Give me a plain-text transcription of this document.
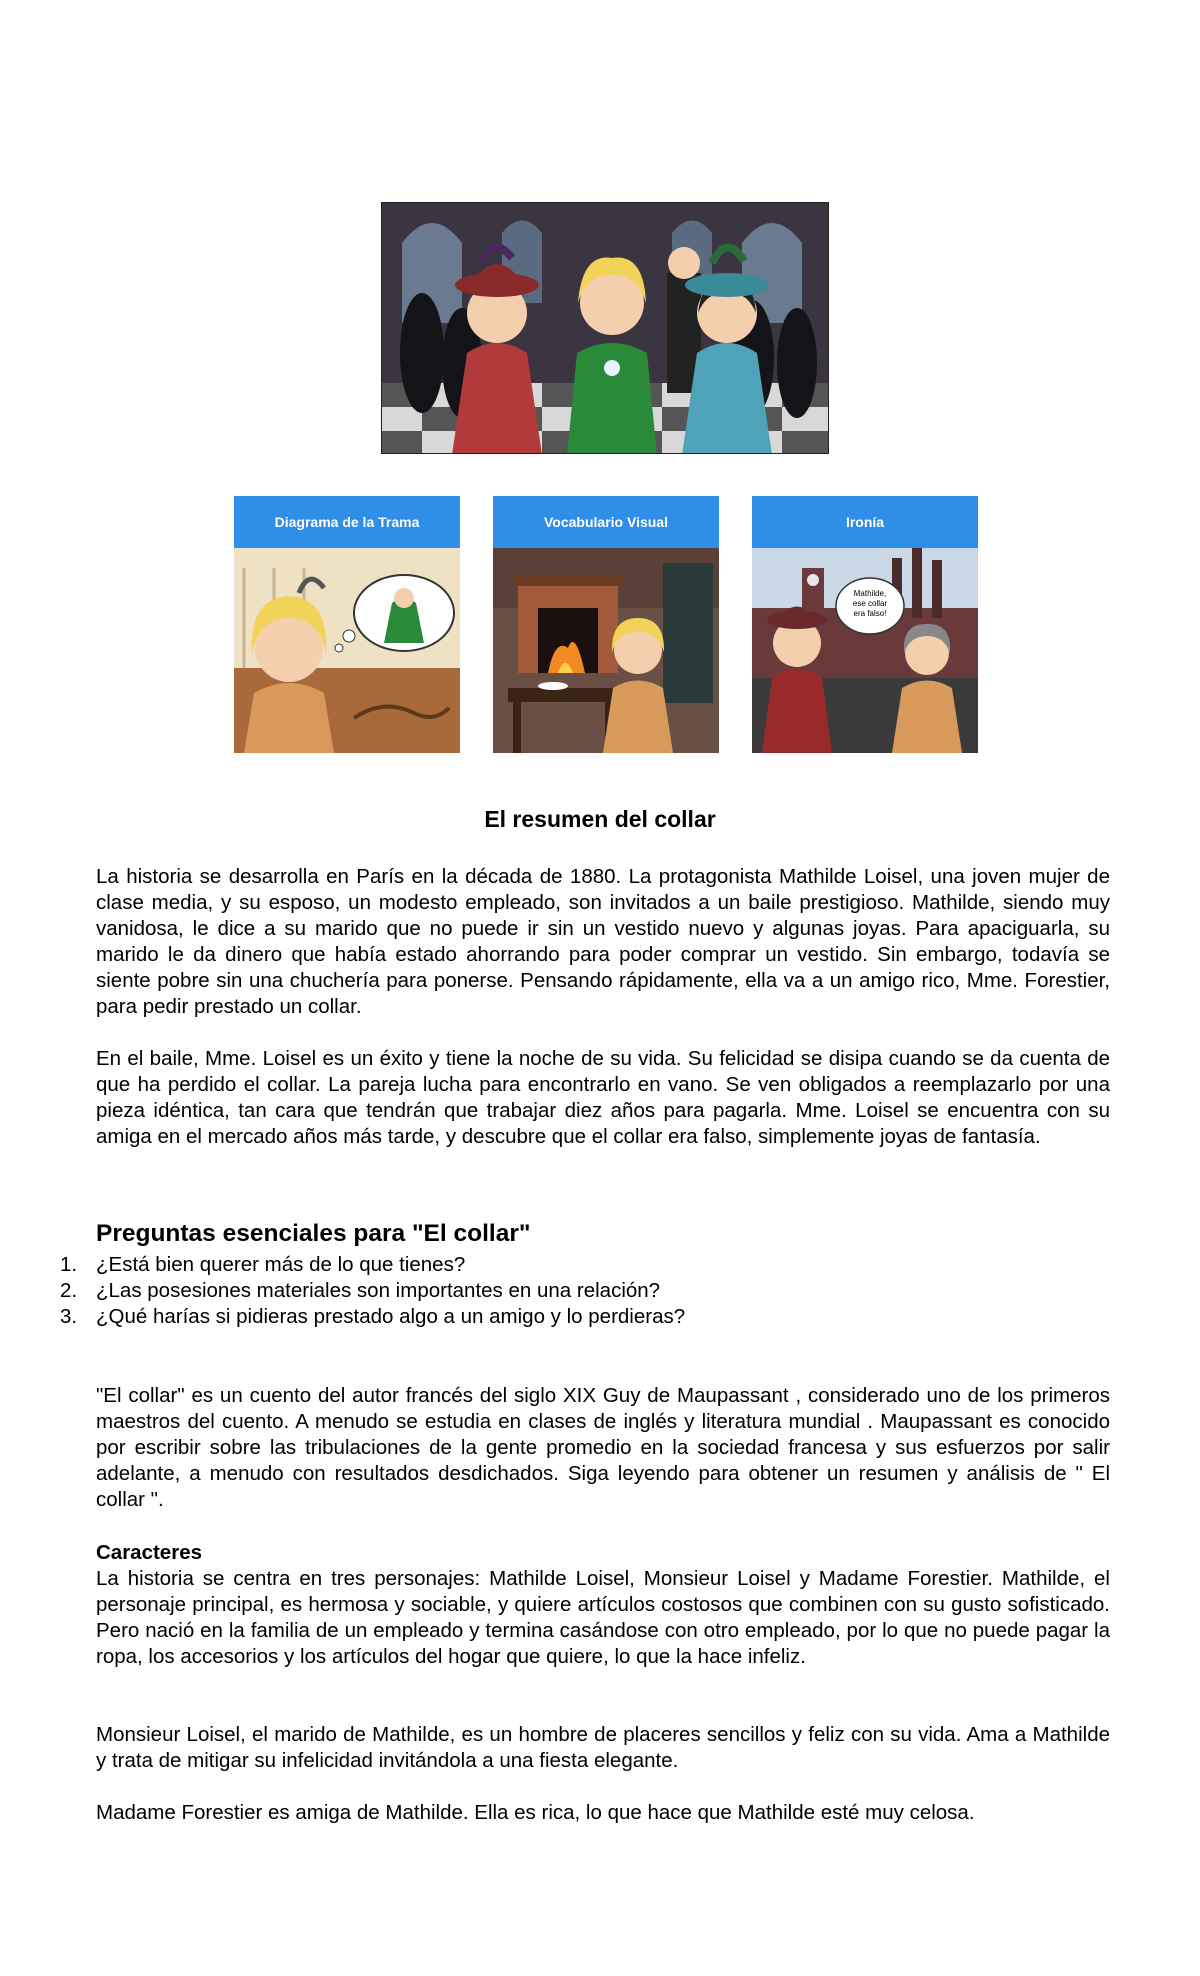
Diagrama de la Trama	Vocabulario Visual	Ironía
Mathilde,
ese collar
era falso!
El resumen del collar

La historia se desarrolla en París en la década de 1880. La protagonista Mathilde Loisel, una joven mujer de clase media, y su esposo, un modesto empleado, son invitados a un baile prestigioso. Mathilde, siendo muy vanidosa, le dice a su marido que no puede ir sin un vestido nuevo y algunas joyas. Para apaciguarla, su marido le da dinero que había estado ahorrando para poder comprar un vestido. Sin embargo, todavía se siente pobre sin una chuchería para ponerse. Pensando rápidamente, ella va a un amigo rico, Mme. Forestier, para pedir prestado un collar.

En el baile, Mme. Loisel es un éxito y tiene la noche de su vida. Su felicidad se disipa cuando se da cuenta de que ha perdido el collar. La pareja lucha para encontrarlo en vano. Se ven obligados a reemplazarlo por una pieza idéntica, tan cara que tendrán que trabajar diez años para pagarla. Mme. Loisel se encuentra con su amiga en el mercado años más tarde, y descubre que el collar era falso, simplemente joyas de fantasía.

Preguntas esenciales para "El collar"
1. ¿Está bien querer más de lo que tienes?
2. ¿Las posesiones materiales son importantes en una relación?
3. ¿Qué harías si pidieras prestado algo a un amigo y lo perdieras?

"El collar" es un cuento del autor francés del siglo XIX Guy de Maupassant , considerado uno de los primeros maestros del cuento. A menudo se estudia en clases de inglés y literatura mundial . Maupassant es conocido por escribir sobre las tribulaciones de la gente promedio en la sociedad francesa y sus esfuerzos por salir adelante, a menudo con resultados desdichados. Siga leyendo para obtener un resumen y análisis de " El collar ".

Caracteres

La historia se centra en tres personajes: Mathilde Loisel, Monsieur Loisel y Madame Forestier. Mathilde, el personaje principal, es hermosa y sociable, y quiere artículos costosos que combinen con su gusto sofisticado. Pero nació en la familia de un empleado y termina casándose con otro empleado, por lo que no puede pagar la ropa, los accesorios y los artículos del hogar que quiere, lo que la hace infeliz.

Monsieur Loisel, el marido de Mathilde, es un hombre de placeres sencillos y feliz con su vida. Ama a Mathilde y trata de mitigar su infelicidad invitándola a una fiesta elegante.

Madame Forestier es amiga de Mathilde. Ella es rica, lo que hace que Mathilde esté muy celosa.
